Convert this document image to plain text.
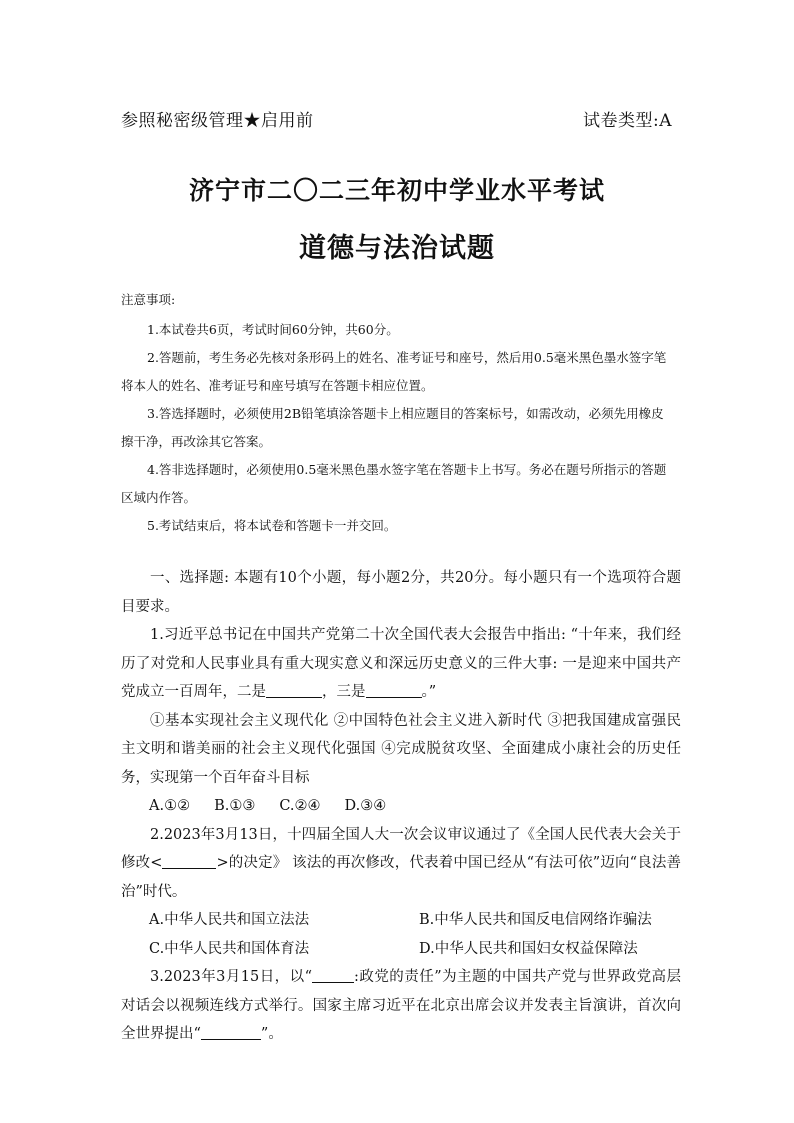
参照秘密级管理★启用前	试卷类型:A
济宁市二〇二三年初中学业水平考试
道德与法治试题
注意事项:
1.本试卷共6页，考试时间60分钟，共60分。
2.答题前，考生务必先核对条形码上的姓名、准考证号和座号，然后用0.5毫米黑色墨水签字笔将本人的姓名、准考证号和座号填写在答题卡相应位置。
3.答选择题时，必须使用2B铅笔填涂答题卡上相应题目的答案标号，如需改动，必须先用橡皮擦干净，再改涂其它答案。
4.答非选择题时，必须使用0.5毫米黑色墨水签字笔在答题卡上书写。务必在题号所指示的答题区域内作答。
5.考试结束后，将本试卷和答题卡一并交回。
一、选择题: 本题有10个小题，每小题2分，共20分。每小题只有一个选项符合题目要求。
1.习近平总书记在中国共产党第二十次全国代表大会报告中指出: “十年来，我们经历了对党和人民事业具有重大现实意义和深远历史意义的三件大事: 一是迎来中国共产党成立一百周年，二是	，三是	。”
①基本实现社会主义现代化 ②中国特色社会主义进入新时代 ③把我国建成富强民主文明和谐美丽的社会主义现代化强国 ④完成脱贫攻坚、全面建成小康社会的历史任务，实现第一个百年奋斗目标
A.①② B.①③ C.②④ D.③④
2.2023年3月13日，十四届全国人大一次会议审议通过了《全国人民代表大会关于修改<	>的决定》 该法的再次修改，代表着中国已经从“有法可依”迈向“良法善治”时代。
A.中华人民共和国立法法	B.中华人民共和国反电信网络诈骗法
C.中华人民共和国体育法	D.中华人民共和国妇女权益保障法
3.2023年3月15日，以“	:政党的责任”为主题的中国共产党与世界政党高层对话会以视频连线方式举行。国家主席习近平在北京出席会议并发表主旨演讲，首次向全世界提出“	”。
